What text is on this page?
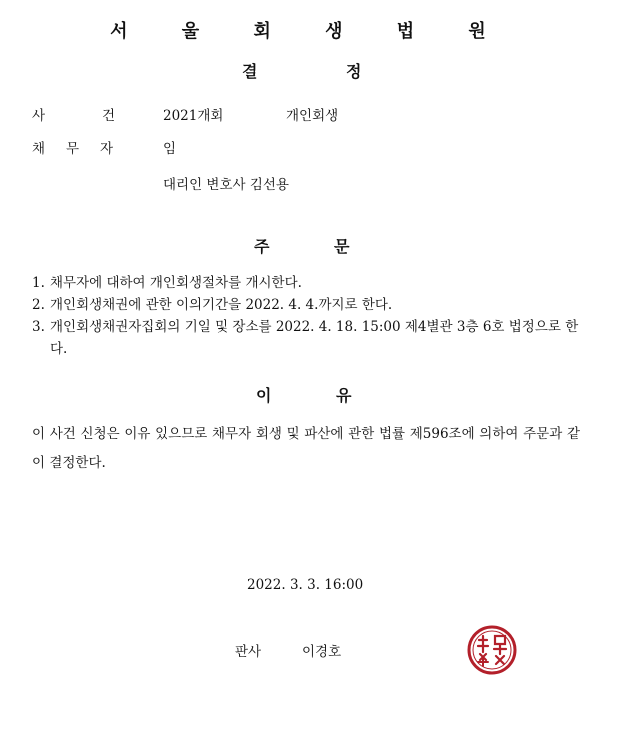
서 울 회 생 법 원
결	정
사	건	2021개회	개인회생
채 무 자	임
대리인 변호사 김선용
주	문
1. 채무자에 대하여 개인회생절차를 개시한다.
2. 개인회생채권에 관한 이의기간을 2022. 4. 4.까지로 한다.
3. 개인회생채권자집회의 기일 및 장소를 2022. 4. 18. 15:00 제4별관 3층 6호 법정으로 한다.
이	유
이 사건 신청은 이유 있으므로 채무자 회생 및 파산에 관한 법률 제596조에 의하여 주문과 같이 결정한다.
2022. 3. 3. 16:00
판사	이경호
